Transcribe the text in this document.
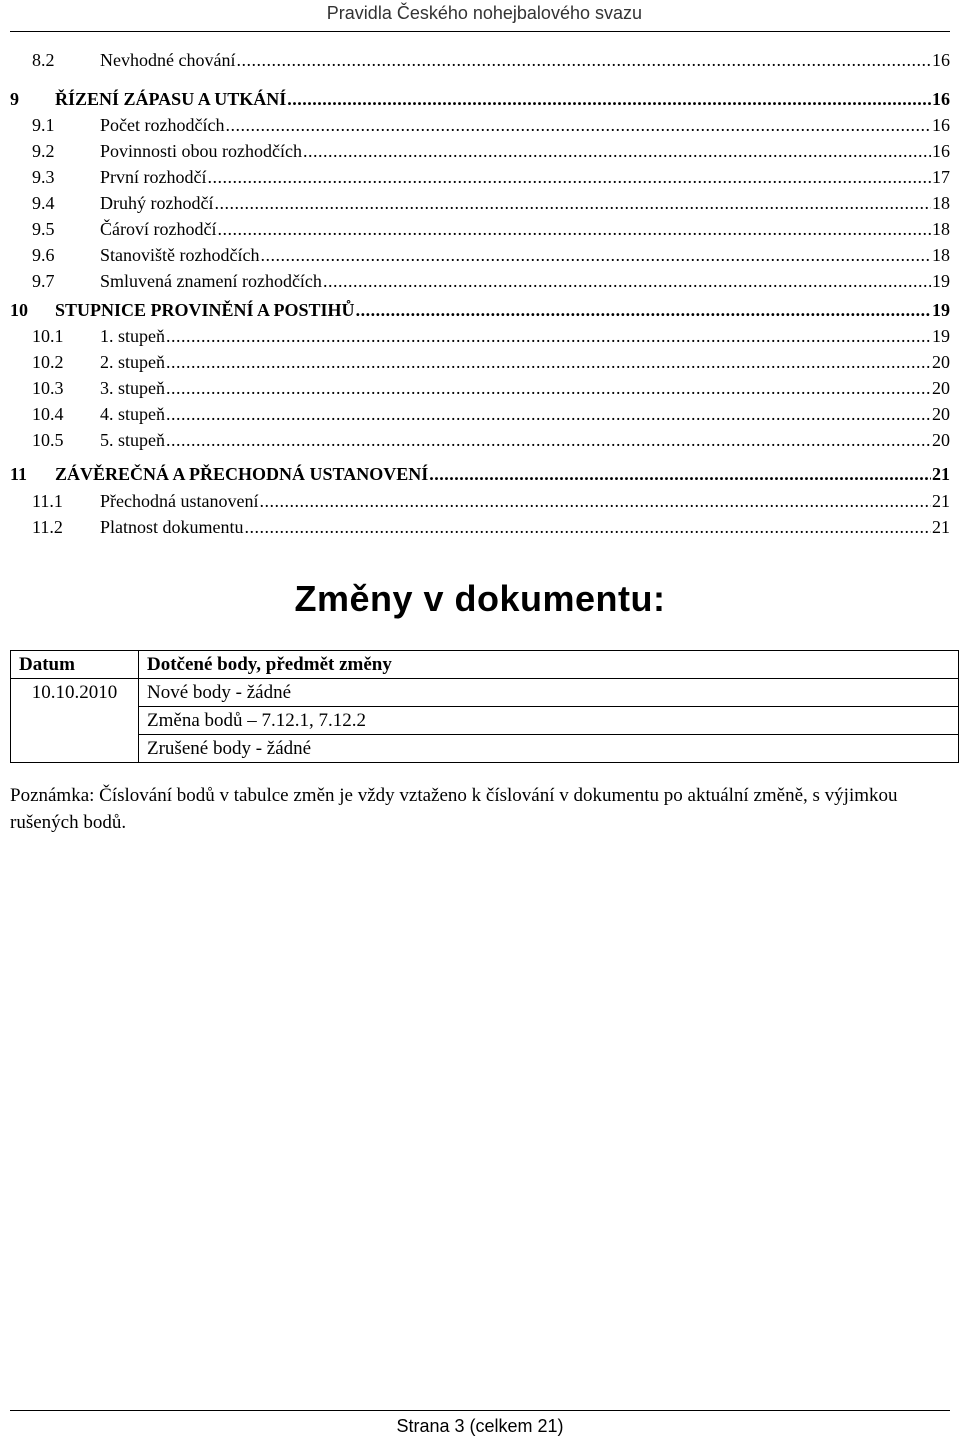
Pravidla Českého nohejbalového svazu
8.2	Nevhodné chování .....	16
9	ŘÍZENÍ ZÁPASU A UTKÁNÍ .....	16
9.1	Počet rozhodčích .....	16
9.2	Povinnosti obou rozhodčích .....	16
9.3	První rozhodčí .....	17
9.4	Druhý rozhodčí .....	18
9.5	Čároví rozhodčí .....	18
9.6	Stanoviště rozhodčích .....	18
9.7	Smluvená znamení rozhodčích .....	19
10	STUPNICE PROVINĚNÍ A POSTIHŮ .....	19
10.1	1. stupeň .....	19
10.2	2. stupeň .....	20
10.3	3. stupeň .....	20
10.4	4. stupeň .....	20
10.5	5. stupeň .....	20
11	ZÁVĚREČNÁ A PŘECHODNÁ USTANOVENÍ .....	21
11.1	Přechodná ustanovení .....	21
11.2	Platnost dokumentu .....	21
Změny v dokumentu:
Datum	Dotčené body, předmět změny
10.10.2010	Nové body - žádné
	Změna bodů – 7.12.1, 7.12.2
	Zrušené body - žádné
Poznámka: Číslování bodů v tabulce změn je vždy vztaženo k číslování v dokumentu po aktuální změně, s výjimkou rušených bodů.
Strana 3 (celkem 21)
